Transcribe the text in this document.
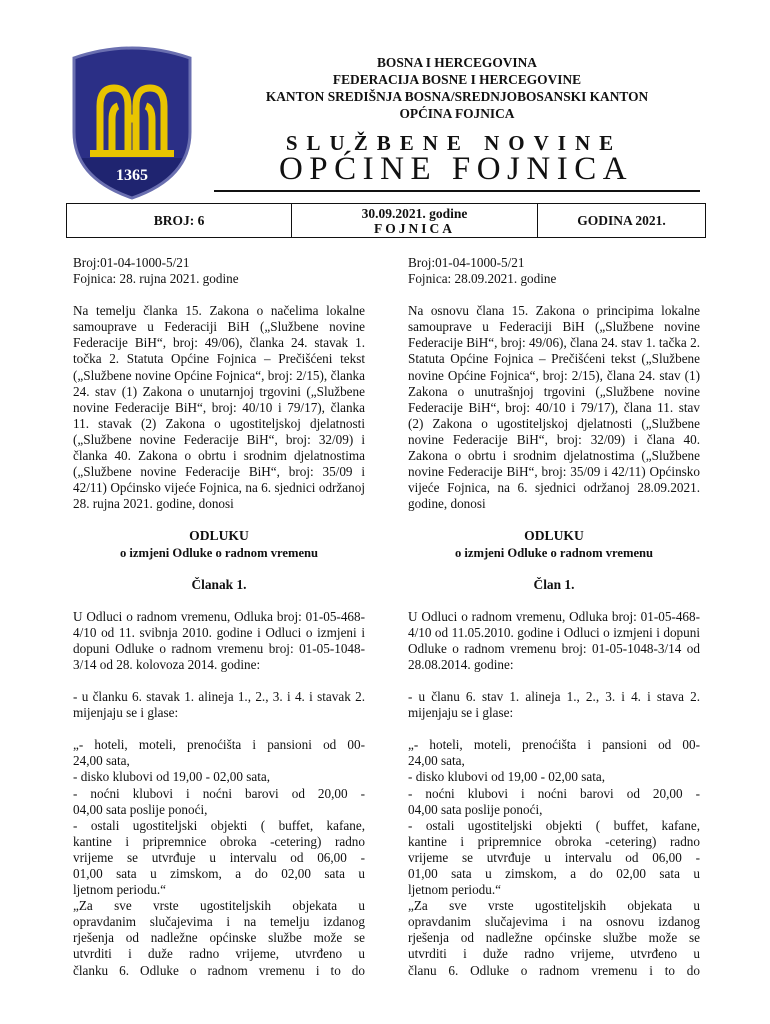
1365
BOSNA I HERCEGOVINA
FEDERACIJA BOSNE I HERCEGOVINE
KANTON SREDIŠNJA BOSNA/SREDNJOBOSANSKI KANTON
OPĆINA FOJNICA
SLUŽBENE NOVINE
OPĆINE FOJNICA
BROJ: 6	30.09.2021. godine
FOJNICA
GODINA 2021.

Broj:01-04-1000-5/21

Fojnica: 28. rujna 2021. godine

Na temelju članka 15. Zakona o načelima lokalne samouprave u Federaciji BiH („Službene novine Federacije BiH“, broj: 49/06), članka 24. stavak 1. točka 2. Statuta Općine Fojnica – Prečišćeni tekst („Službene novine Općine Fojnica“, broj: 2/15), članka 24. stav (1) Zakona o unutarnjoj trgovini („Službene novine Federacije BiH“, broj: 40/10 i 79/17), članka 11. stavak (2) Zakona o ugostiteljskoj djelatnosti („Službene novine Federacije BiH“, broj: 32/09) i članka 40. Zakona o obrtu i srodnim djelatnostima („Službene novine Federacije BiH“, broj: 35/09 i 42/11) Općinsko vijeće Fojnica, na 6. sjednici održanoj 28. rujna 2021. godine, donosi

ODLUKU

o izmjeni Odluke o radnom vremenu

Članak 1.

U Odluci o radnom vremenu, Odluka broj: 01-05-468-4/10 od 11. svibnja 2010. godine i Odluci o izmjeni i dopuni Odluke o radnom vremenu broj: 01-05-1048-3/14 od 28. kolovoza 2014. godine:

- u članku 6. stavak 1. alineja 1., 2., 3. i 4. i stavak 2. mijenjaju se i glase:

„- hoteli, moteli, prenoćišta i pansioni od 00-

24,00 sata,

- disko klubovi od 19,00 - 02,00 sata,

- noćni klubovi i noćni barovi od 20,00 -

04,00 sata poslije ponoći,

- ostali ugostiteljski objekti ( buffet, kafane,

kantine i pripremnice obroka -cetering) radno

vrijeme se utvrđuje u intervalu od 06,00 -

01,00 sata u zimskom, a do 02,00 sata u

ljetnom periodu.“

„Za sve vrste ugostiteljskih objekata u

opravdanim slučajevima i na temelju izdanog

rješenja od nadležne općinske službe može se

utvrditi i duže radno vrijeme, utvrđeno u

članku 6. Odluke o radnom vremenu i to do

Broj:01-04-1000-5/21

Fojnica: 28.09.2021. godine

Na osnovu člana 15. Zakona o principima lokalne samouprave u Federaciji BiH („Službene novine Federacije BiH“, broj: 49/06), člana 24. stav 1. tačka 2. Statuta Općine Fojnica – Prečišćeni tekst („Službene novine Općine Fojnica“, broj: 2/15), člana 24. stav (1) Zakona o unutrašnjoj trgovini („Službene novine Federacije BiH“, broj: 40/10 i 79/17), člana 11. stav (2) Zakona o ugostiteljskoj djelatnosti („Službene novine Federacije BiH“, broj: 32/09) i člana 40. Zakona o obrtu i srodnim djelatnostima („Službene novine Federacije BiH“, broj: 35/09 i 42/11) Općinsko vijeće Fojnica, na 6. sjednici održanoj 28.09.2021. godine, donosi

ODLUKU

o izmjeni Odluke o radnom vremenu

Član 1.

U Odluci o radnom vremenu, Odluka broj: 01-05-468-4/10 od 11.05.2010. godine i Odluci o izmjeni i dopuni Odluke o radnom vremenu broj: 01-05-1048-3/14 od 28.08.2014. godine:

- u članu 6. stav 1. alineja 1., 2., 3. i 4. i stava 2. mijenjaju se i glase:

„- hoteli, moteli, prenoćišta i pansioni od 00-

24,00 sata,

- disko klubovi od 19,00 - 02,00 sata,

- noćni klubovi i noćni barovi od 20,00 -

04,00 sata poslije ponoći,

- ostali ugostiteljski objekti ( buffet, kafane,

kantine i pripremnice obroka -cetering) radno

vrijeme se utvrđuje u intervalu od 06,00 -

01,00 sata u zimskom, a do 02,00 sata u

ljetnom periodu.“

„Za sve vrste ugostiteljskih objekata u

opravdanim slučajevima i na osnovu izdanog

rješenja od nadležne općinske službe može se

utvrditi i duže radno vrijeme, utvrđeno u

članu 6. Odluke o radnom vremenu i to do
